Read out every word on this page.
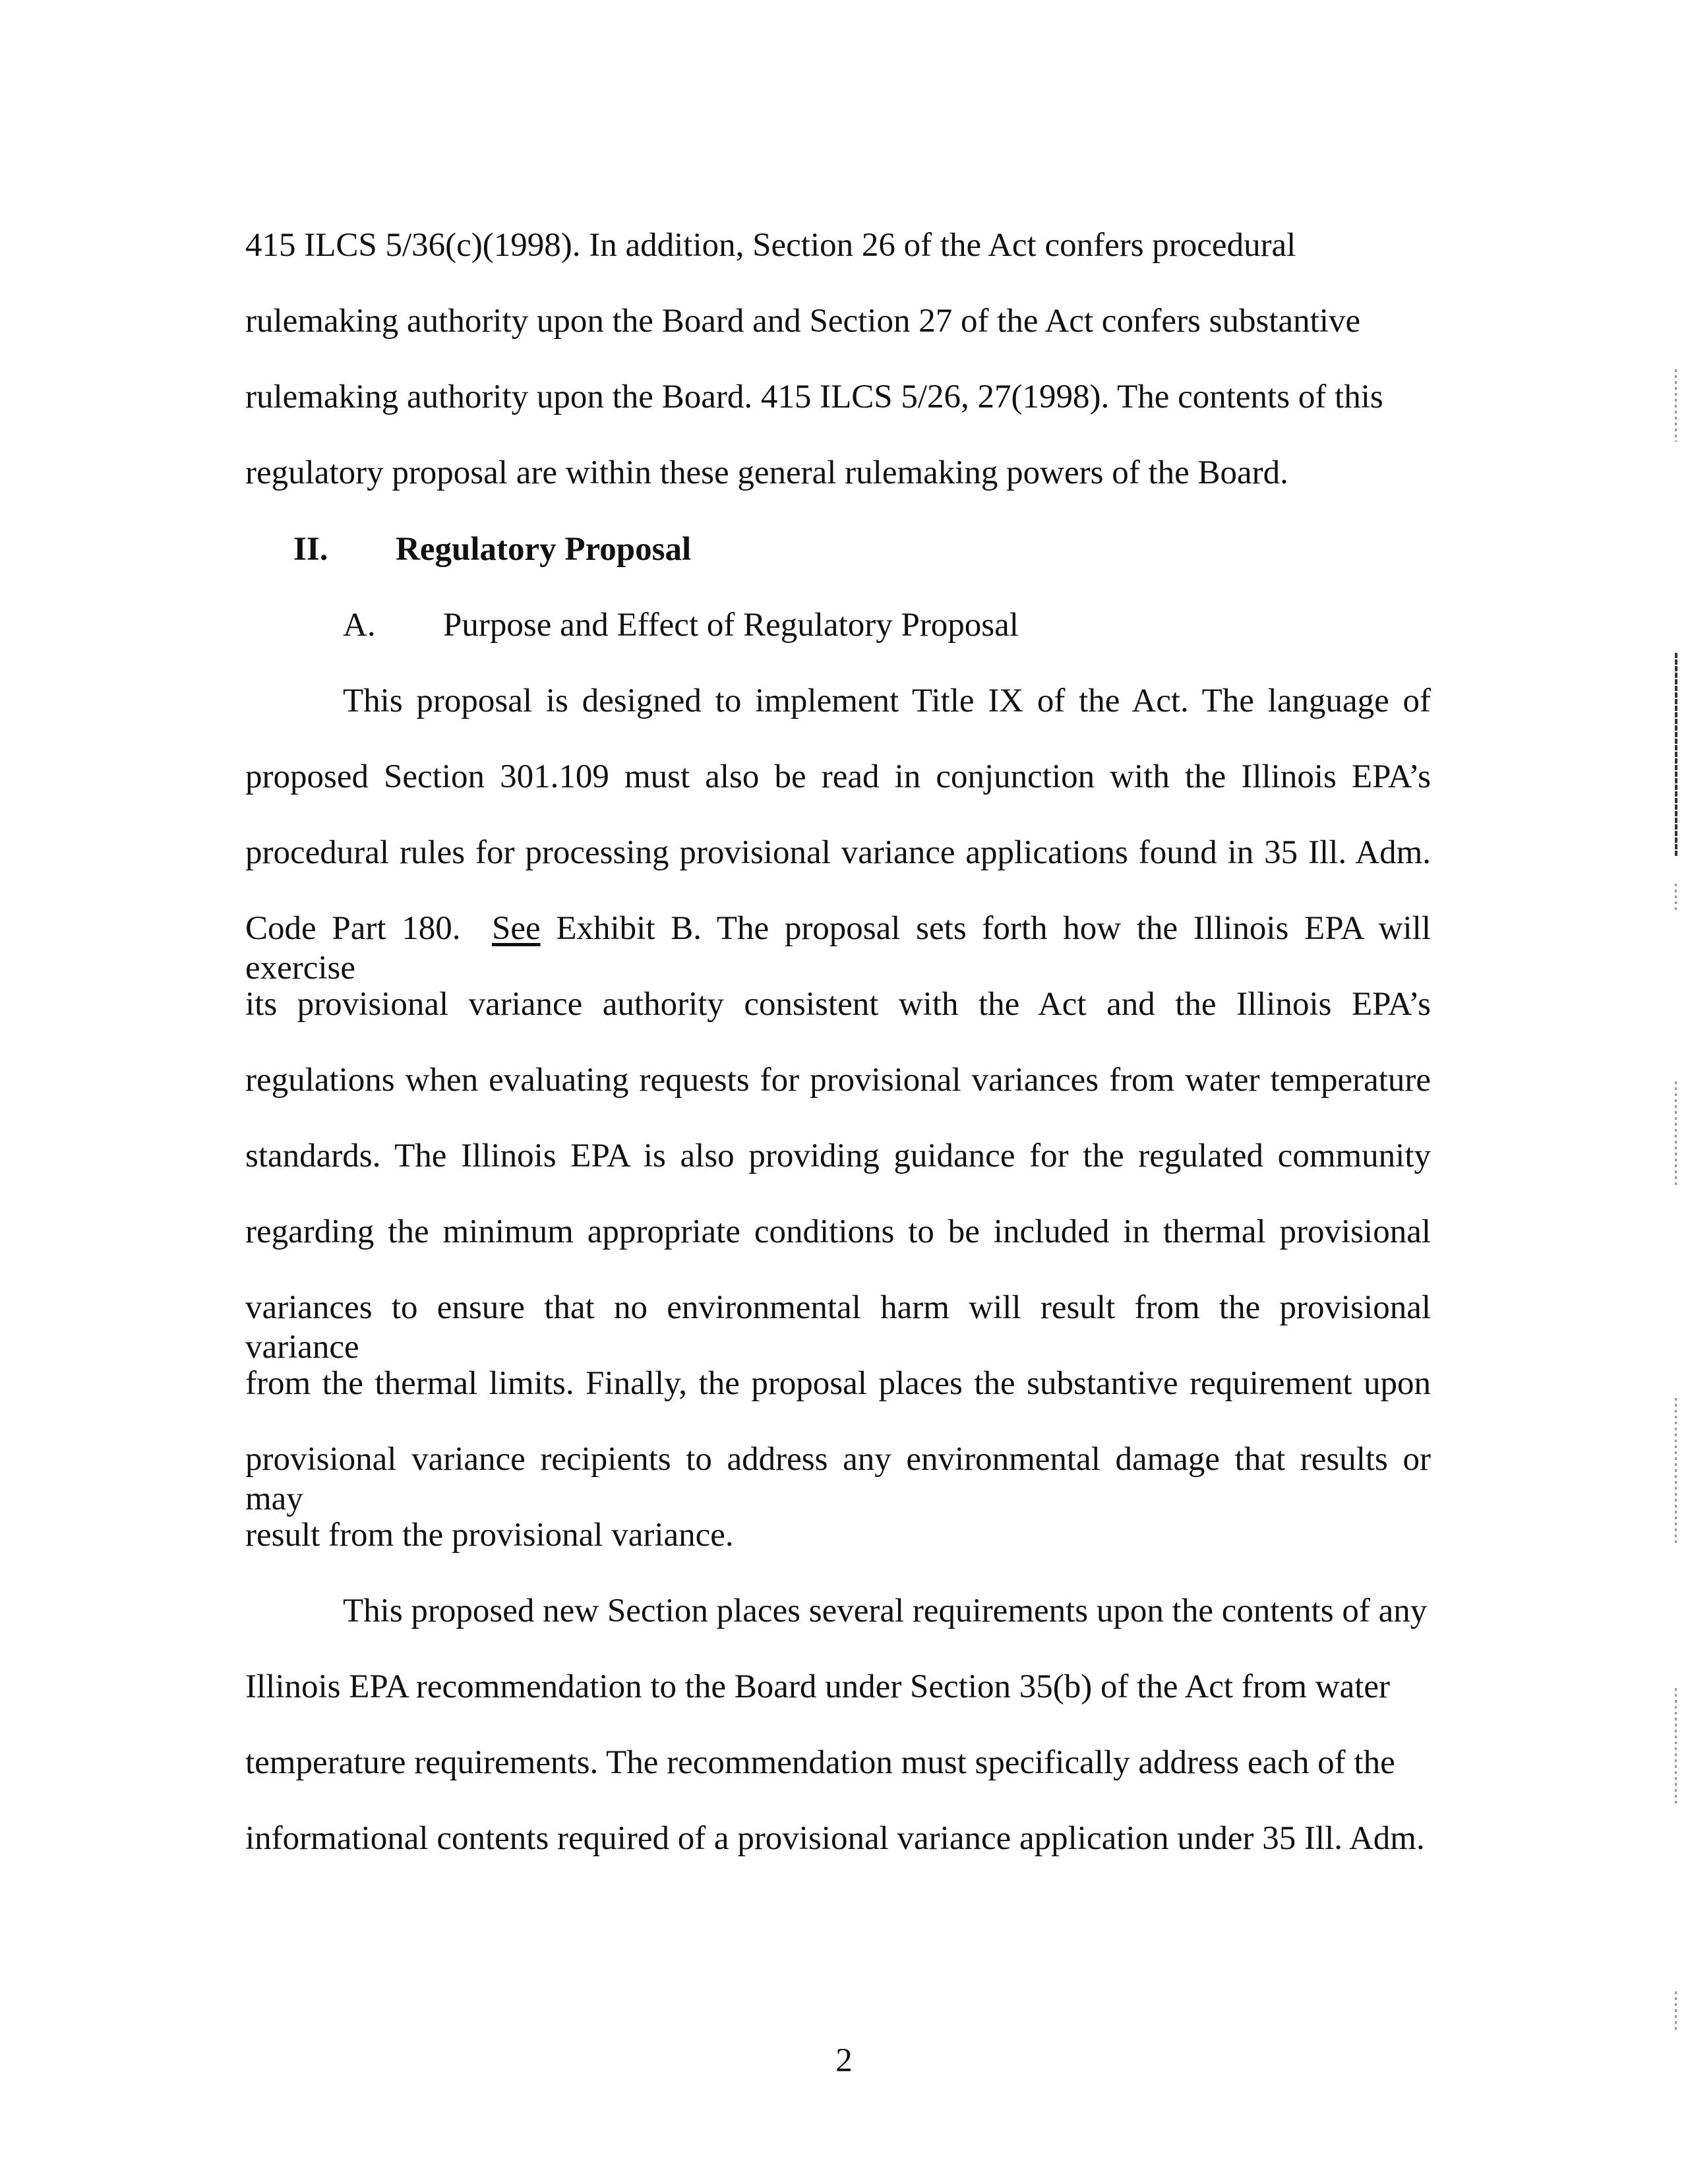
415 ILCS 5/36(c)(1998). In addition, Section 26 of the Act confers procedural
rulemaking authority upon the Board and Section 27 of the Act confers substantive
rulemaking authority upon the Board. 415 ILCS 5/26, 27(1998). The contents of this
regulatory proposal are within these general rulemaking powers of the Board.
II. Regulatory Proposal
A. Purpose and Effect of Regulatory Proposal
This proposal is designed to implement Title IX of the Act. The language of
proposed Section 301.109 must also be read in conjunction with the Illinois EPA’s
procedural rules for processing provisional variance applications found in 35 Ill. Adm.
Code Part 180. See Exhibit B. The proposal sets forth how the Illinois EPA will exercise
its provisional variance authority consistent with the Act and the Illinois EPA’s
regulations when evaluating requests for provisional variances from water temperature
standards. The Illinois EPA is also providing guidance for the regulated community
regarding the minimum appropriate conditions to be included in thermal provisional
variances to ensure that no environmental harm will result from the provisional variance
from the thermal limits. Finally, the proposal places the substantive requirement upon
provisional variance recipients to address any environmental damage that results or may
result from the provisional variance.
This proposed new Section places several requirements upon the contents of any
Illinois EPA recommendation to the Board under Section 35(b) of the Act from water
temperature requirements. The recommendation must specifically address each of the
informational contents required of a provisional variance application under 35 Ill. Adm.
2
